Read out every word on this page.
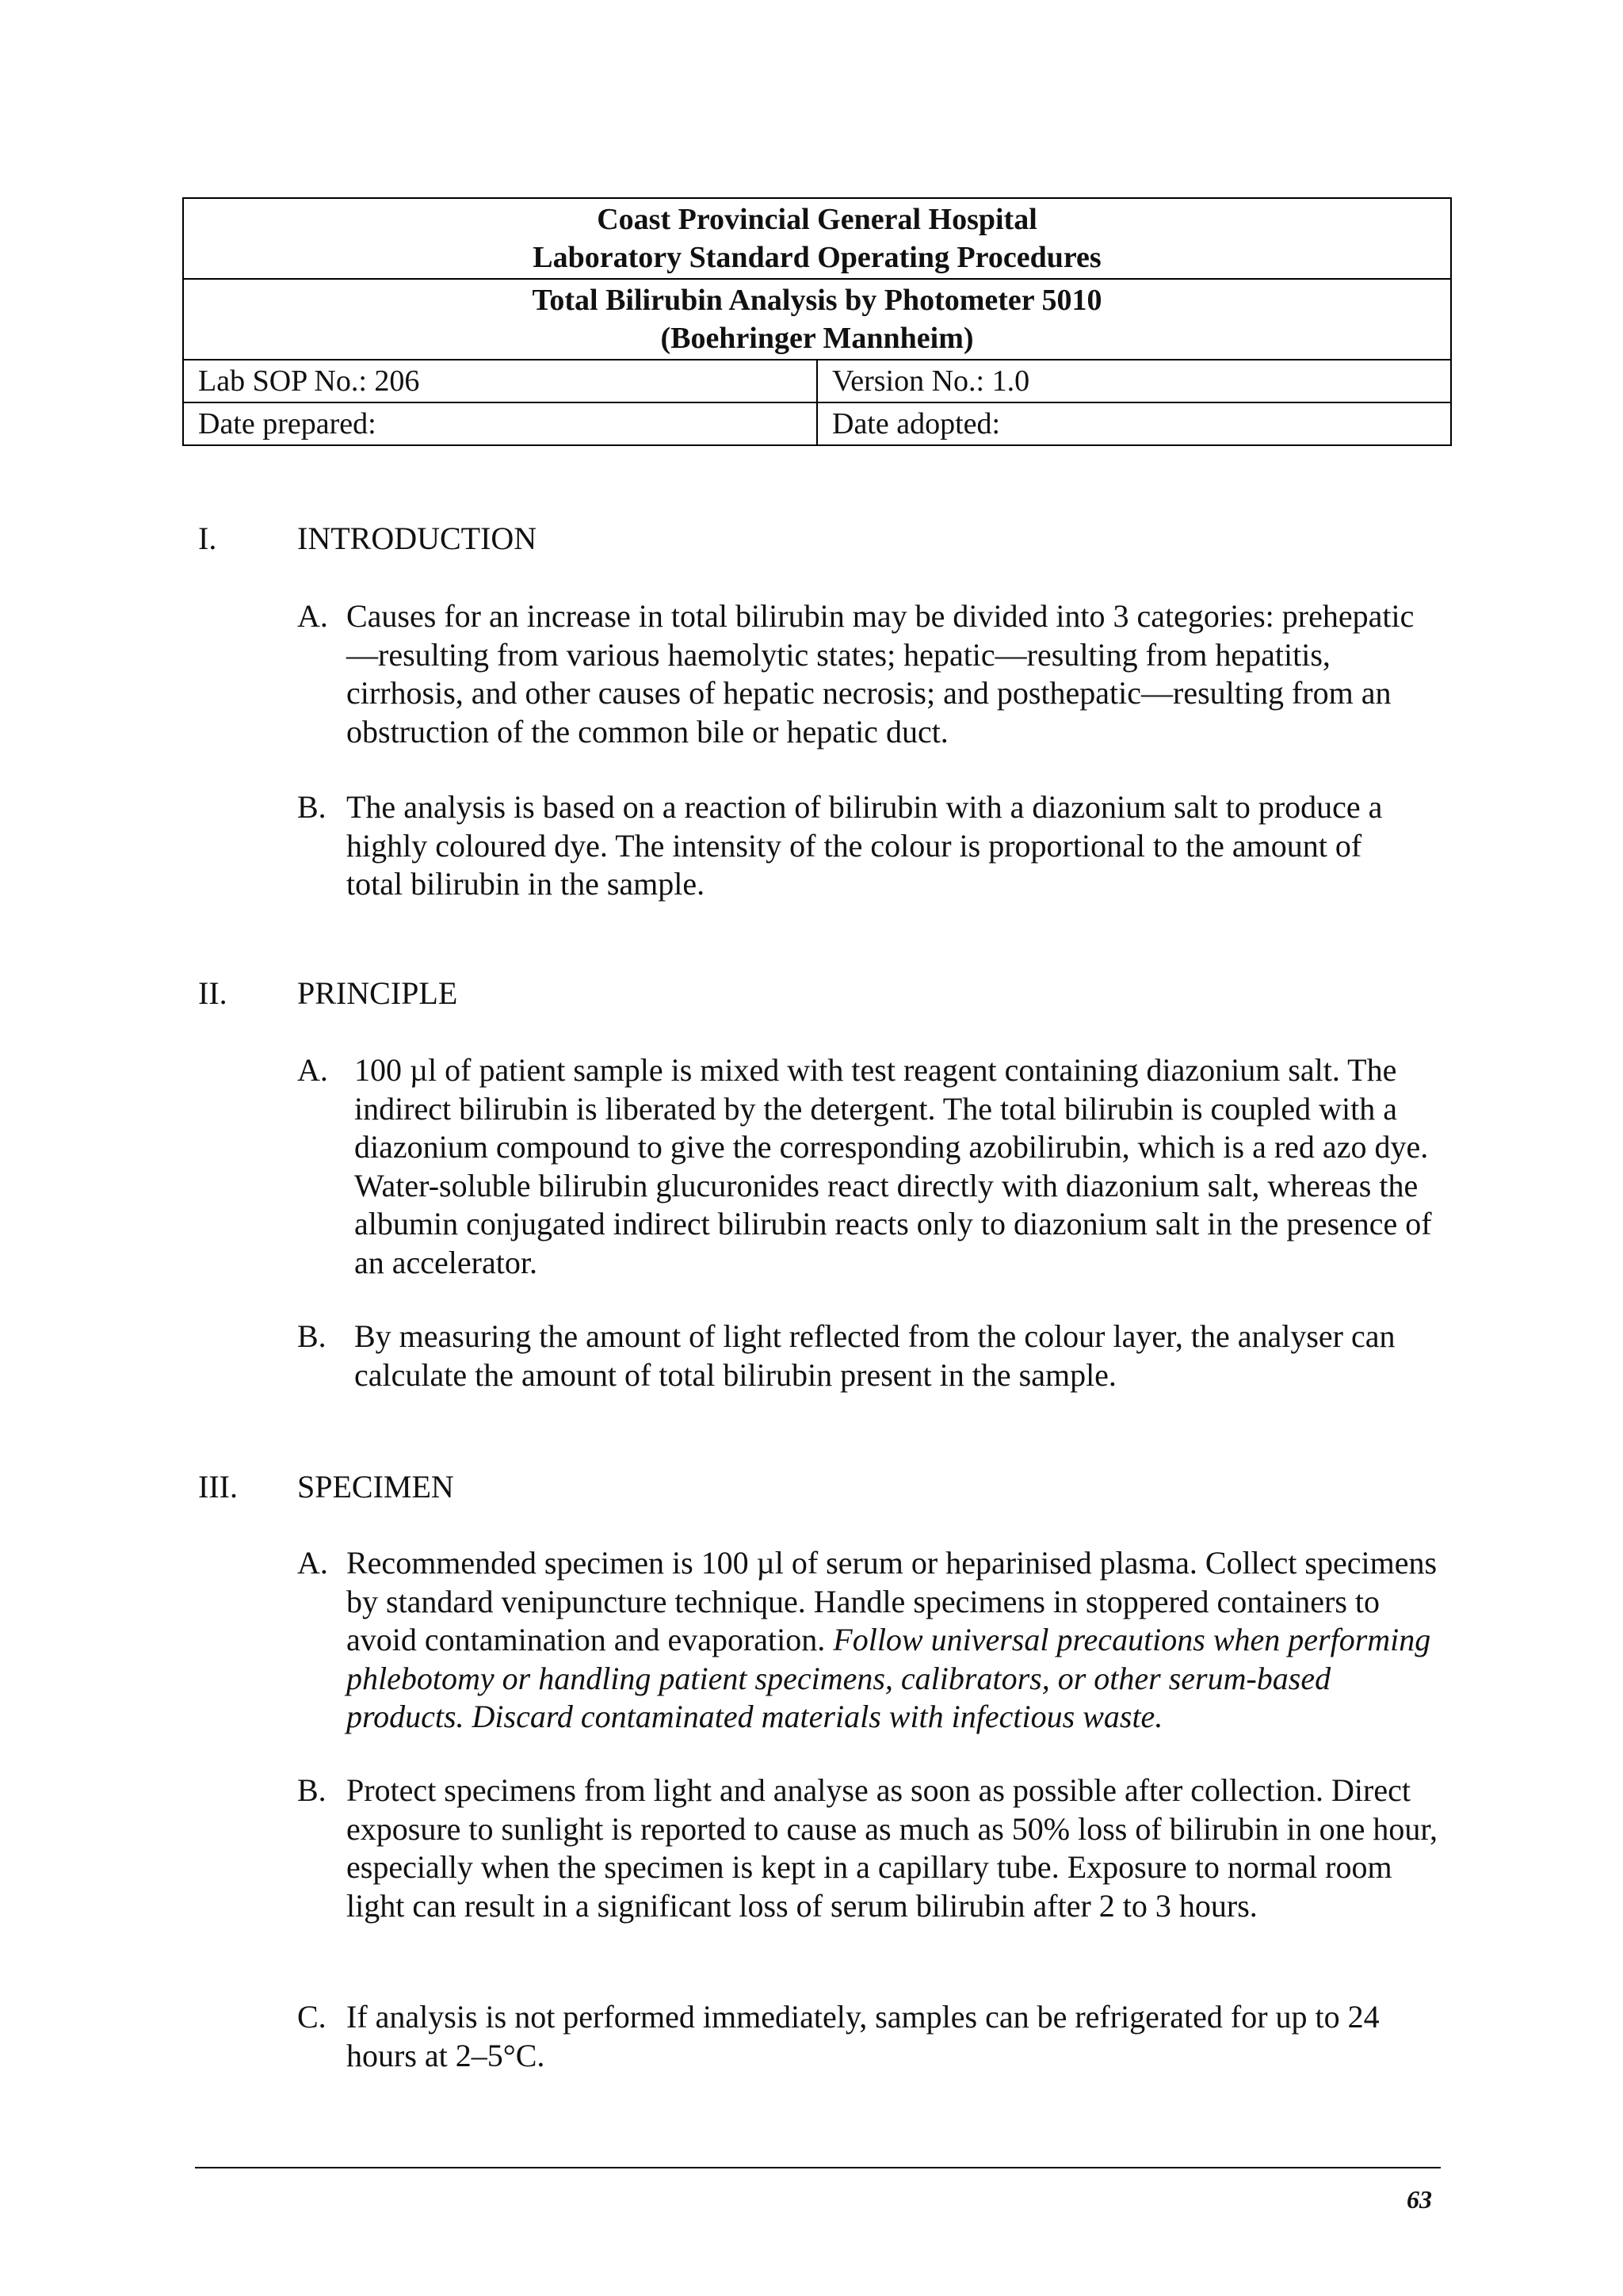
Coast Provincial General Hospital
Laboratory Standard Operating Procedures	

Total Bilirubin Analysis by Photometer 5010
(Boehringer Mannheim)	

Lab SOP No.: 206	Version No.: 1.0
Date prepared:	Date adopted:
I.	INTRODUCTION
A. Causes for an increase in total bilirubin may be divided into 3 categories: prehepatic—resulting from various haemolytic states; hepatic—resulting from hepatitis, cirrhosis, and other causes of hepatic necrosis; and posthepatic—resulting from an obstruction of the common bile or hepatic duct.
B. The analysis is based on a reaction of bilirubin with a diazonium salt to produce a highly coloured dye. The intensity of the colour is proportional to the amount of total bilirubin in the sample.
II. PRINCIPLE
A. 100 µl of patient sample is mixed with test reagent containing diazonium salt. The indirect bilirubin is liberated by the detergent. The total bilirubin is coupled with a diazonium compound to give the corresponding azobilirubin, which is a red azo dye. Water-soluble bilirubin glucuronides react directly with diazonium salt, whereas the albumin conjugated indirect bilirubin reacts only to diazonium salt in the presence of an accelerator.
B. By measuring the amount of light reflected from the colour layer, the analyser can calculate the amount of total bilirubin present in the sample.
III. SPECIMEN
A. Recommended specimen is 100 µl of serum or heparinised plasma. Collect specimens by standard venipuncture technique. Handle specimens in stoppered containers to avoid contamination and evaporation. Follow universal precautions when performing phlebotomy or handling patient specimens, calibrators, or other serum-based products. Discard contaminated materials with infectious waste.
B. Protect specimens from light and analyse as soon as possible after collection. Direct exposure to sunlight is reported to cause as much as 50% loss of bilirubin in one hour, especially when the specimen is kept in a capillary tube. Exposure to normal room light can result in a significant loss of serum bilirubin after 2 to 3 hours.
C. If analysis is not performed immediately, samples can be refrigerated for up to 24 hours at 2–5°C.
63
